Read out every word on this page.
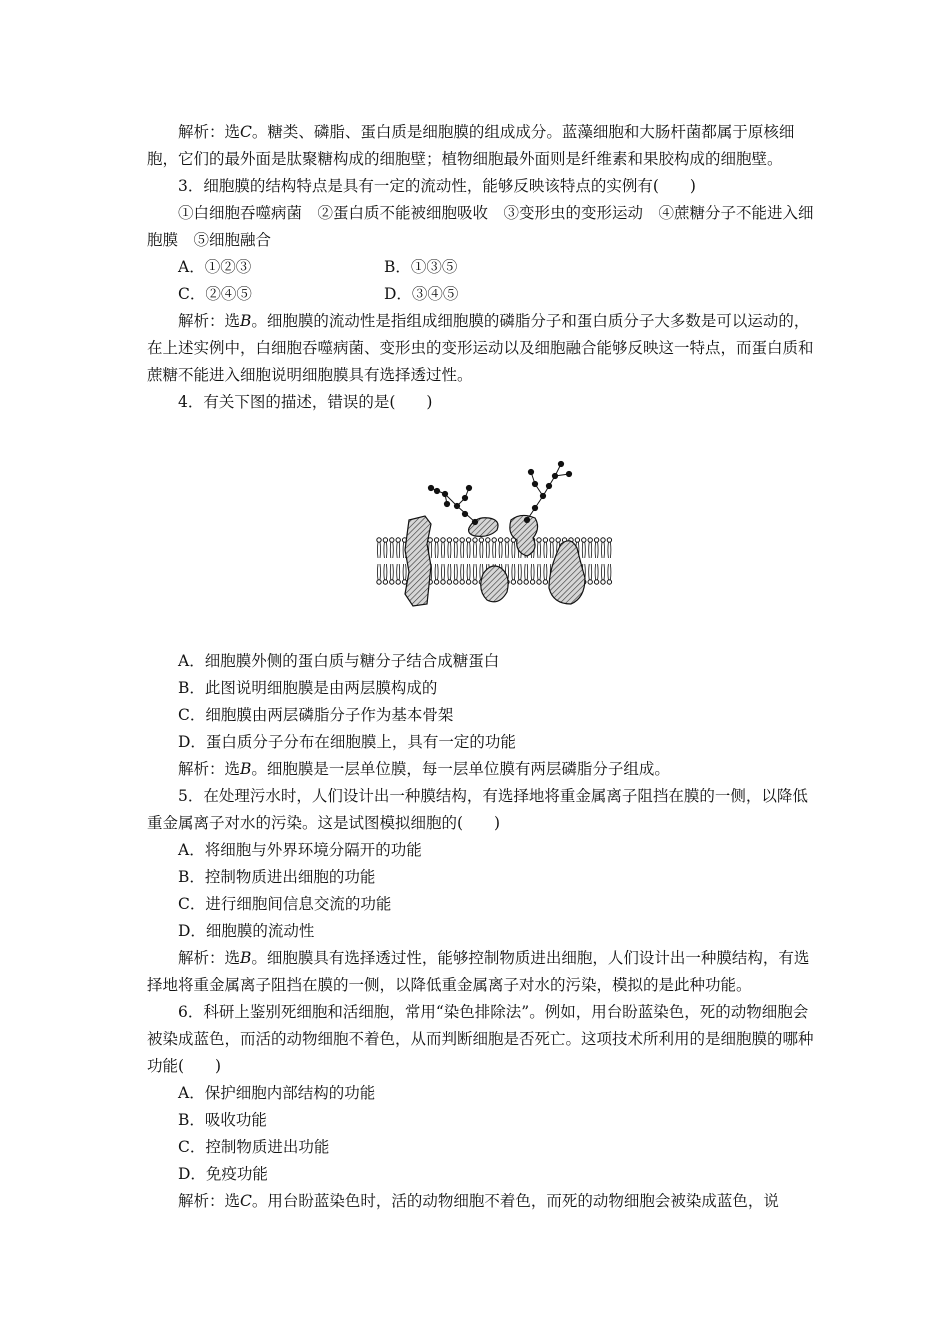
解析：选C。糖类、磷脂、蛋白质是细胞膜的组成成分。蓝藻细胞和大肠杆菌都属于原核细胞，它们的最外面是肽聚糖构成的细胞壁；植物细胞最外面则是纤维素和果胶构成的细胞壁。

3．细胞膜的结构特点是具有一定的流动性，能够反映该特点的实例有(　　)

①白细胞吞噬病菌　②蛋白质不能被细胞吸收　③变形虫的变形运动　④蔗糖分子不能进入细胞膜　⑤细胞融合

A．①②③	B．①③⑤

C．②④⑤	D．③④⑤

解析：选B。细胞膜的流动性是指组成细胞膜的磷脂分子和蛋白质分子大多数是可以运动的，在上述实例中，白细胞吞噬病菌、变形虫的变形运动以及细胞融合能够反映这一特点，而蛋白质和蔗糖不能进入细胞说明细胞膜具有选择透过性。

4．有关下图的描述，错误的是(　　)

A．细胞膜外侧的蛋白质与糖分子结合成糖蛋白

B．此图说明细胞膜是由两层膜构成的

C．细胞膜由两层磷脂分子作为基本骨架

D．蛋白质分子分布在细胞膜上，具有一定的功能

解析：选B。细胞膜是一层单位膜，每一层单位膜有两层磷脂分子组成。

5．在处理污水时，人们设计出一种膜结构，有选择地将重金属离子阻挡在膜的一侧，以降低重金属离子对水的污染。这是试图模拟细胞的(　　)

A．将细胞与外界环境分隔开的功能

B．控制物质进出细胞的功能

C．进行细胞间信息交流的功能

D．细胞膜的流动性

解析：选B。细胞膜具有选择透过性，能够控制物质进出细胞，人们设计出一种膜结构，有选择地将重金属离子阻挡在膜的一侧，以降低重金属离子对水的污染，模拟的是此种功能。

6．科研上鉴别死细胞和活细胞，常用“染色排除法”。例如，用台盼蓝染色，死的动物细胞会被染成蓝色，而活的动物细胞不着色，从而判断细胞是否死亡。这项技术所利用的是细胞膜的哪种功能(　　)

A．保护细胞内部结构的功能

B．吸收功能

C．控制物质进出功能

D．免疫功能

解析：选C。用台盼蓝染色时，活的动物细胞不着色，而死的动物细胞会被染成蓝色，说
